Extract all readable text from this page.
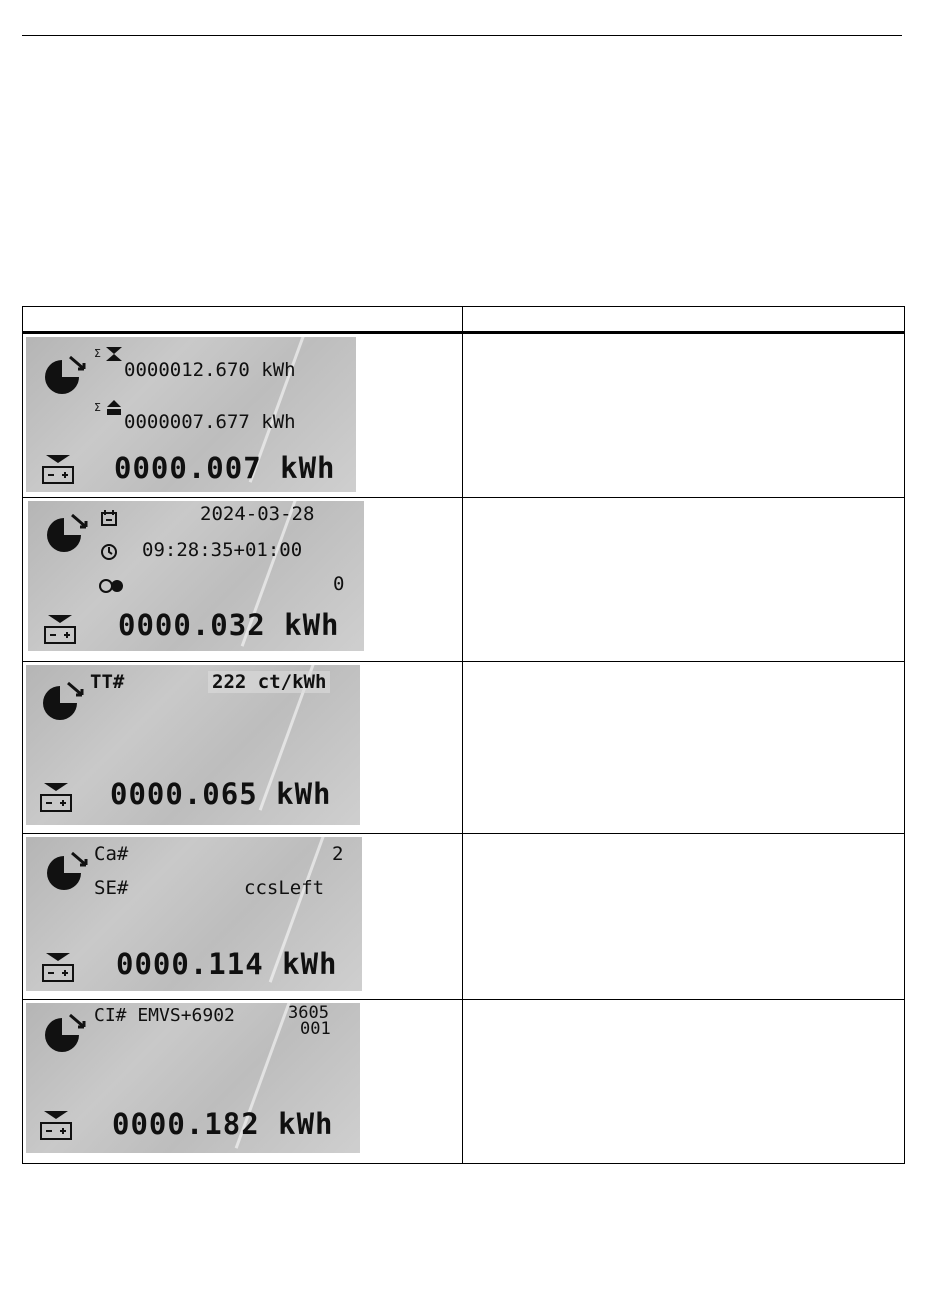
Σ
0000012.670 kWh
Σ
0000007.677 kWh
0000.007 kWh	

2024-03-28
09:28:35+01:00
0
0000.032 kWh	

TT# 222 ct/kWh
0000.065 kWh	

Ca# 2
SE# ccsLeft
0000.114 kWh	

CI# EMVS+6902 3605
001
0000.182 kWh	
